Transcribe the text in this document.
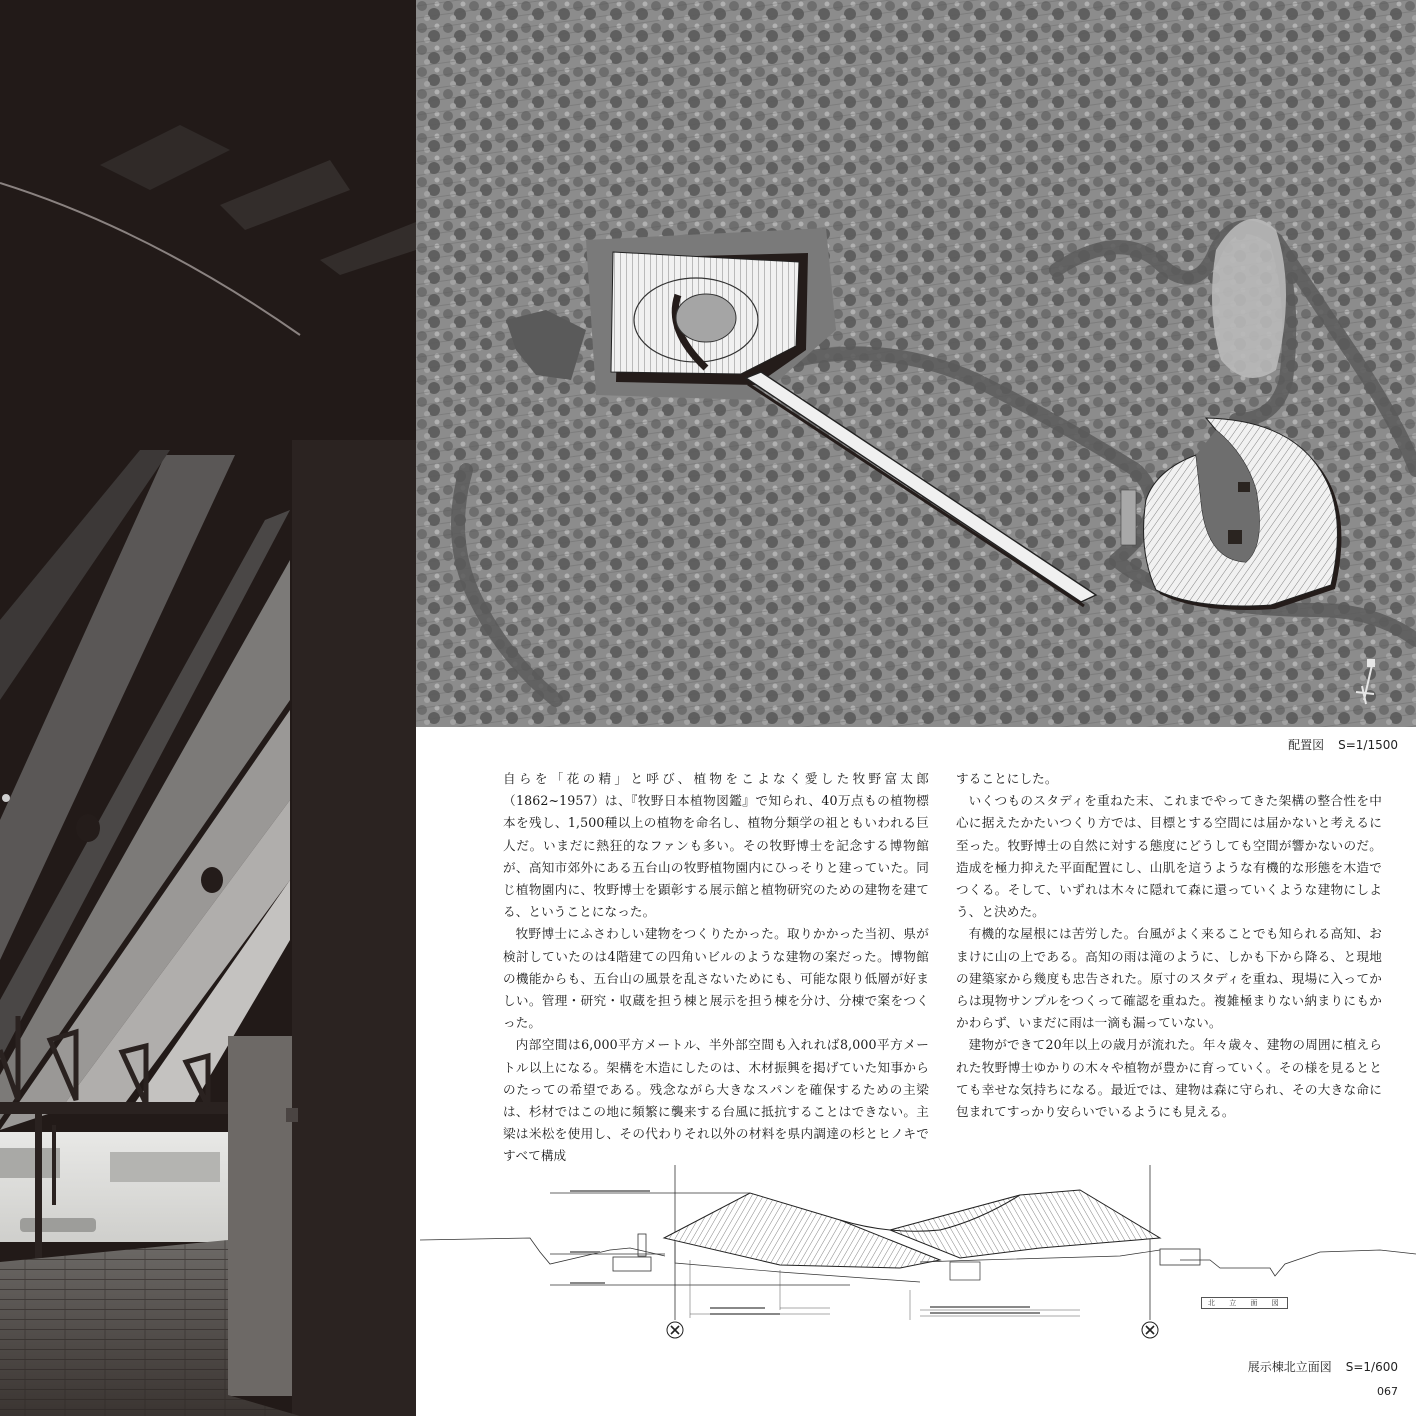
配置図 S=1/1500

自らを「花の精」と呼び、植物をこよなく愛した牧野富太郎（1862~1957）は、『牧野日本植物図鑑』で知られ、40万点もの植物標本を残し、1,500種以上の植物を命名し、植物分類学の祖ともいわれる巨人だ。いまだに熱狂的なファンも多い。その牧野博士を記念する博物館が、高知市郊外にある五台山の牧野植物園内にひっそりと建っていた。同じ植物園内に、牧野博士を顕彰する展示館と植物研究のための建物を建てる、ということになった。

牧野博士にふさわしい建物をつくりたかった。取りかかった当初、県が検討していたのは4階建ての四角いビルのような建物の案だった。博物館の機能からも、五台山の風景を乱さないためにも、可能な限り低層が好ましい。管理・研究・収蔵を担う棟と展示を担う棟を分け、分棟で案をつくった。

内部空間は6,000平方メートル、半外部空間も入れれば8,000平方メートル以上になる。架構を木造にしたのは、木材振興を掲げていた知事からのたっての希望である。残念ながら大きなスパンを確保するための主梁は、杉材ではこの地に頻繁に襲来する台風に抵抗することはできない。主梁は米松を使用し、その代わりそれ以外の材料を県内調達の杉とヒノキですべて構成

することにした。

いくつものスタディを重ねた末、これまでやってきた架構の整合性を中心に据えたかたいつくり方では、目標とする空間には届かないと考えるに至った。牧野博士の自然に対する態度にどうしても空間が響かないのだ。造成を極力抑えた平面配置にし、山肌を這うような有機的な形態を木造でつくる。そして、いずれは木々に隠れて森に還っていくような建物にしよう、と決めた。

有機的な屋根には苦労した。台風がよく来ることでも知られる高知、おまけに山の上である。高知の雨は滝のように、しかも下から降る、と現地の建築家から幾度も忠告された。原寸のスタディを重ね、現場に入ってからは現物サンプルをつくって確認を重ねた。複雑極まりない納まりにもかかわらず、いまだに雨は一滴も漏っていない。

建物ができて20年以上の歳月が流れた。年々歳々、建物の周囲に植えられた牧野博士ゆかりの木々や植物が豊かに育っていく。その様を見るととても幸せな気持ちになる。最近では、建物は森に守られ、その大きな命に包まれてすっかり安らいでいるようにも見える。

北 立 面 図
展示棟北立面図 S=1/600
067
